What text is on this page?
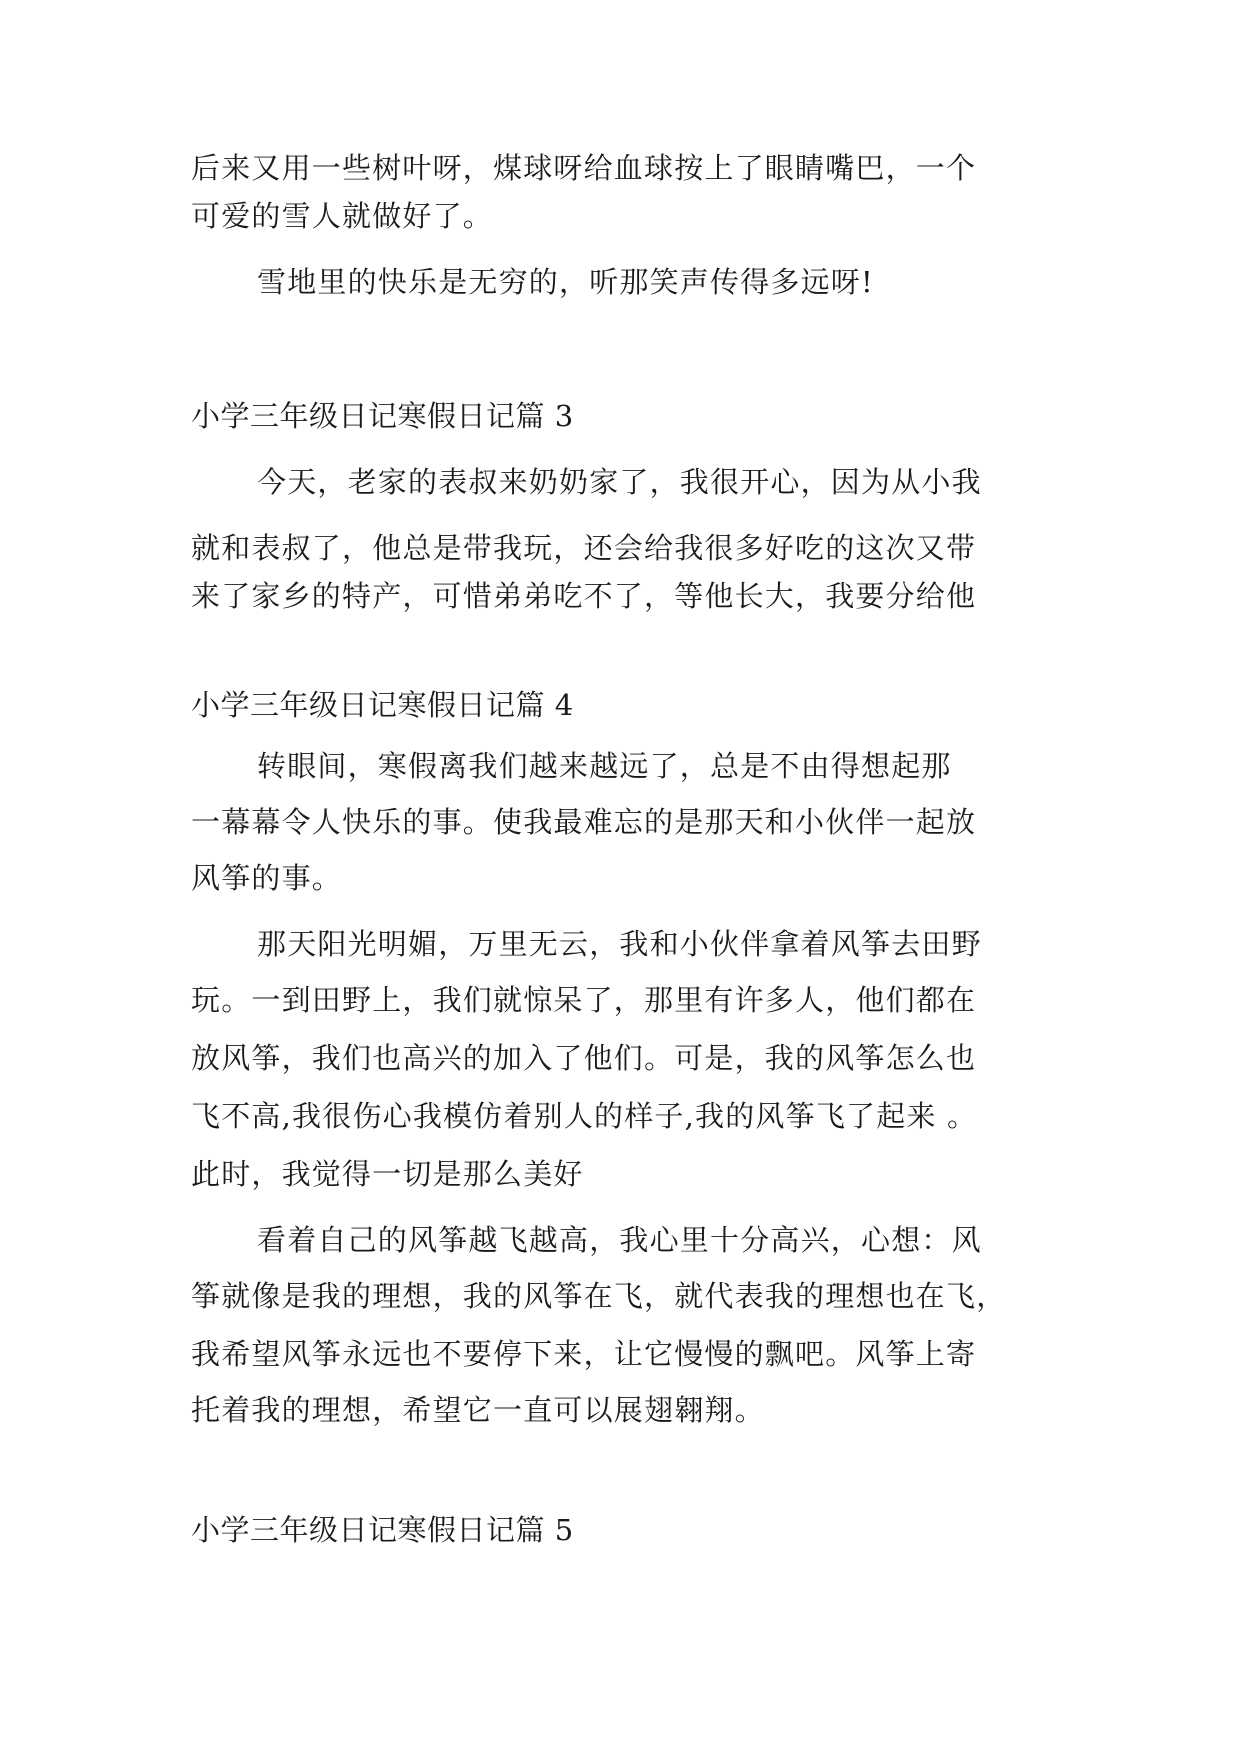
后来又用一些树叶呀，煤球呀给血球按上了眼睛嘴巴，一个
可爱的雪人就做好了。
雪地里的快乐是无穷的，听那笑声传得多远呀!
小学三年级日记寒假日记篇 3
今天，老家的表叔来奶奶家了，我很开心，因为从小我
就和表叔了，他总是带我玩，还会给我很多好吃的这次又带
来了家乡的特产，可惜弟弟吃不了，等他长大，我要分给他
小学三年级日记寒假日记篇 4
转眼间，寒假离我们越来越远了，总是不由得想起那
一幕幕令人快乐的事。使我最难忘的是那天和小伙伴一起放
风筝的事。
那天阳光明媚，万里无云，我和小伙伴拿着风筝去田野
玩。一到田野上，我们就惊呆了，那里有许多人，他们都在
放风筝，我们也高兴的加入了他们。可是，我的风筝怎么也
飞不高,我很伤心我模仿着别人的样子,我的风筝飞了起来 。
此时，我觉得一切是那么美好
看着自己的风筝越飞越高，我心里十分高兴，心想：风
筝就像是我的理想，我的风筝在飞，就代表我的理想也在飞，
我希望风筝永远也不要停下来，让它慢慢的飘吧。风筝上寄
托着我的理想，希望它一直可以展翅翱翔。
小学三年级日记寒假日记篇 5
